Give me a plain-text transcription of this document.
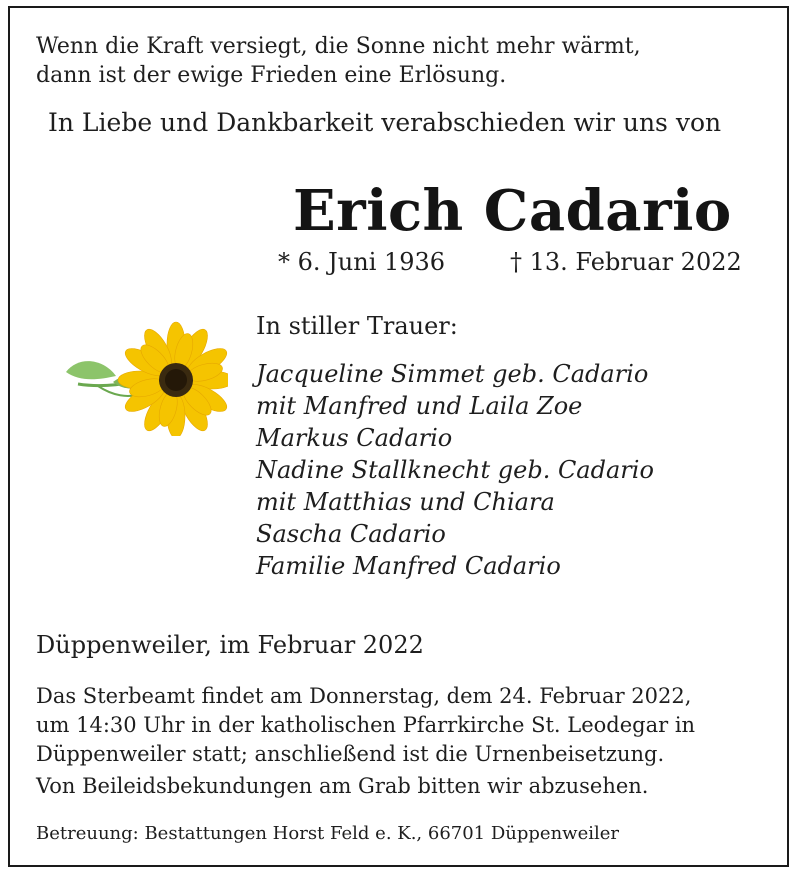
Wenn die Kraft versiegt, die Sonne nicht mehr wärmt,
dann ist der ewige Frieden eine Erlösung.
In Liebe und Dankbarkeit verabschieden wir uns von
Erich Cadario
* 6. Juni 1936	† 13. Februar 2022
In stiller Trauer:
Jacqueline Simmet geb. Cadario
mit Manfred und Laila Zoe
Markus Cadario
Nadine Stallknecht geb. Cadario
mit Matthias und Chiara
Sascha Cadario
Familie Manfred Cadario
Düppenweiler, im Februar 2022
Das Sterbeamt findet am Donnerstag, dem 24. Februar 2022,
um 14:30 Uhr in der katholischen Pfarrkirche St. Leodegar in
Düppenweiler statt; anschließend ist die Urnenbeisetzung.
Von Beileidsbekundungen am Grab bitten wir abzusehen.
Betreuung: Bestattungen Horst Feld e. K., 66701 Düppenweiler
